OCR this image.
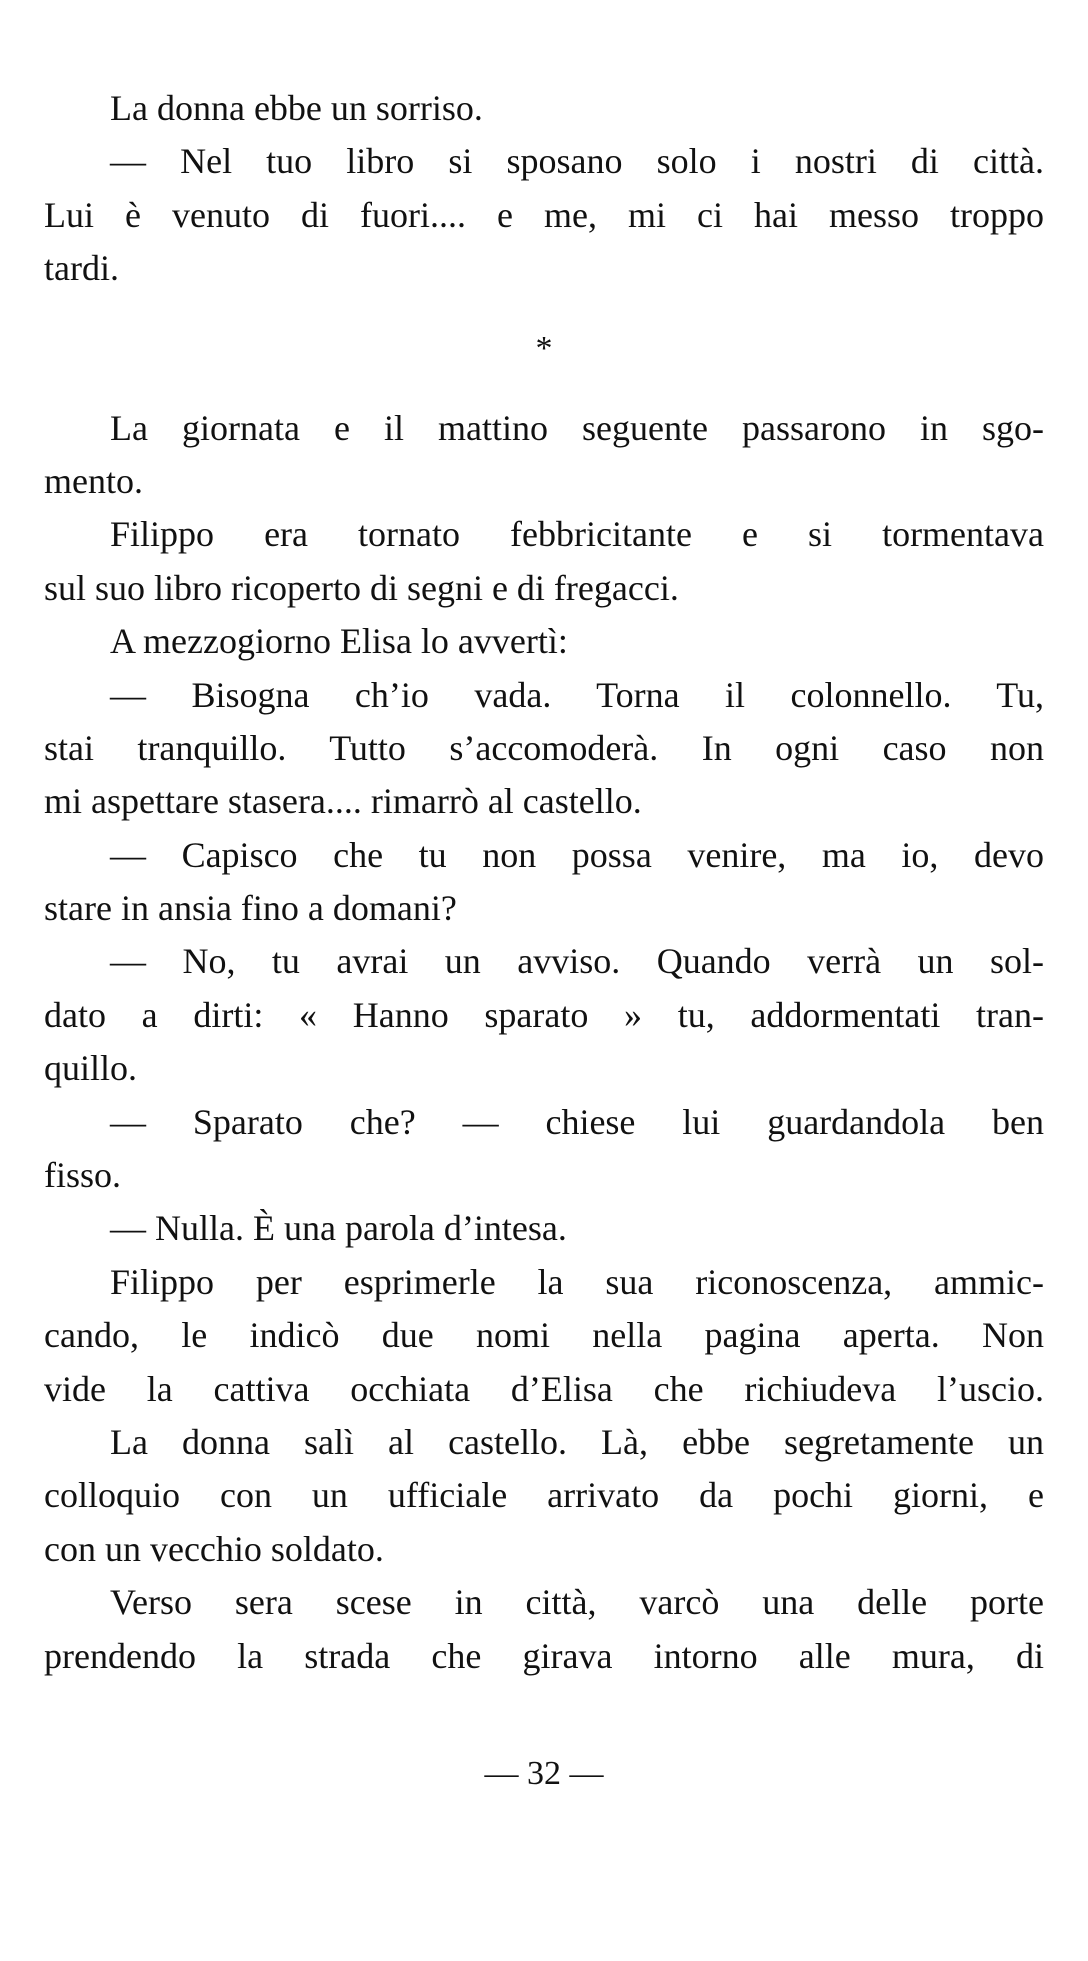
La donna ebbe un sorriso.
— Nel tuo libro si sposano solo i nostri di città.
Lui è venuto di fuori.... e me, mi ci hai messo troppo
tardi.
*
La giornata e il mattino seguente passarono in sgo-
mento.
Filippo era tornato febbricitante e si tormentava
sul suo libro ricoperto di segni e di fregacci.
A mezzogiorno Elisa lo avvertì:
— Bisogna ch’io vada. Torna il colonnello. Tu,
stai tranquillo. Tutto s’accomoderà. In ogni caso non
mi aspettare stasera.... rimarrò al castello.
— Capisco che tu non possa venire, ma io, devo
stare in ansia fino a domani?
— No, tu avrai un avviso. Quando verrà un sol-
dato a dirti: « Hanno sparato » tu, addormentati tran-
quillo.
— Sparato che? — chiese lui guardandola ben
fisso.
— Nulla. È una parola d’intesa.
Filippo per esprimerle la sua riconoscenza, ammic-
cando, le indicò due nomi nella pagina aperta. Non
vide la cattiva occhiata d’Elisa che richiudeva l’uscio.
La donna salì al castello. Là, ebbe segretamente un
colloquio con un ufficiale arrivato da pochi giorni, e
con un vecchio soldato.
Verso sera scese in città, varcò una delle porte
prendendo la strada che girava intorno alle mura, di
— 32 —
